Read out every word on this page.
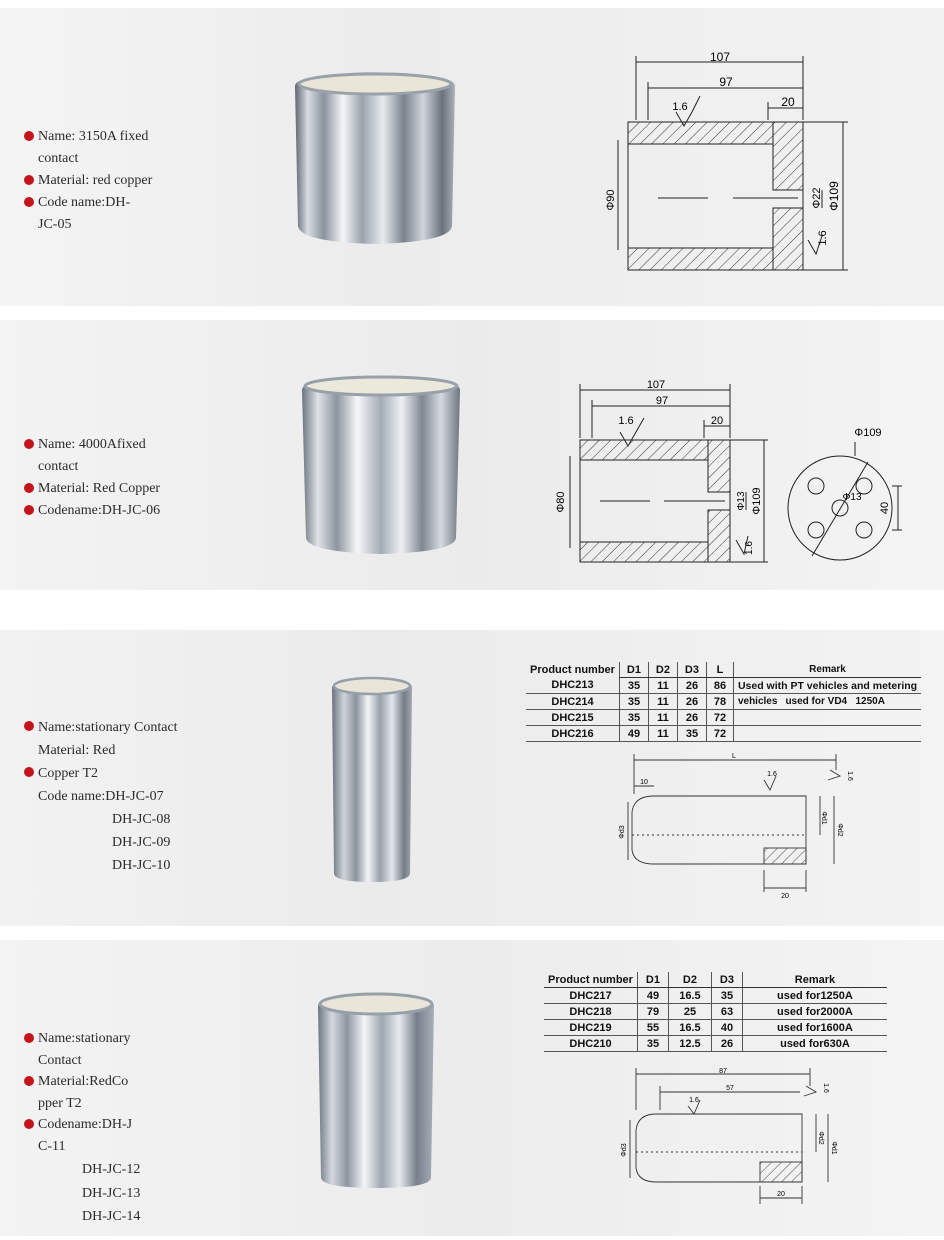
Name: 3150A fixed
contact
Material: red copper
Code name:DH-
JC-05
107
97
20
1.6
Φ90	Φ22 Φ109
1.6
Name: 4000Afixed
contact
Material: Red Copper
Codename:DH-JC-06
107
97
20
1.6
Φ80	Φ13 Φ109
1.6
Φ109
Φ13
40
Name:stationary Contact
Material: Red
Copper T2
Code name:DH-JC-07
DH-JC-08
DH-JC-09
DH-JC-10
Product number	D1	D2	D3	L	Remark
DHC213	35	11	26	86	Used with PT vehicles and metering
DHC214	35	11	26	78	vehicles used for VD4   1250A
DHC215	35	11	26	72	
DHC216	49	11	35	72	
L
10
1.6	1.6
Φd3
Φd1
Φd2
20
Name:stationary
Contact
Material:RedCo
pper T2
Codename:DH-J
C-11
DH-JC-12
DH-JC-13
DH-JC-14
Product number	D1	D2	D3	Remark
DHC217	49	16.5	35	used for1250A
DHC218	79	25	63	used for2000A
DHC219	55	16.5	40	used for1600A
DHC210	35	12.5	26	used for630A
87
57
1.6
1.6
Φd3
Φd2
Φd1
20
